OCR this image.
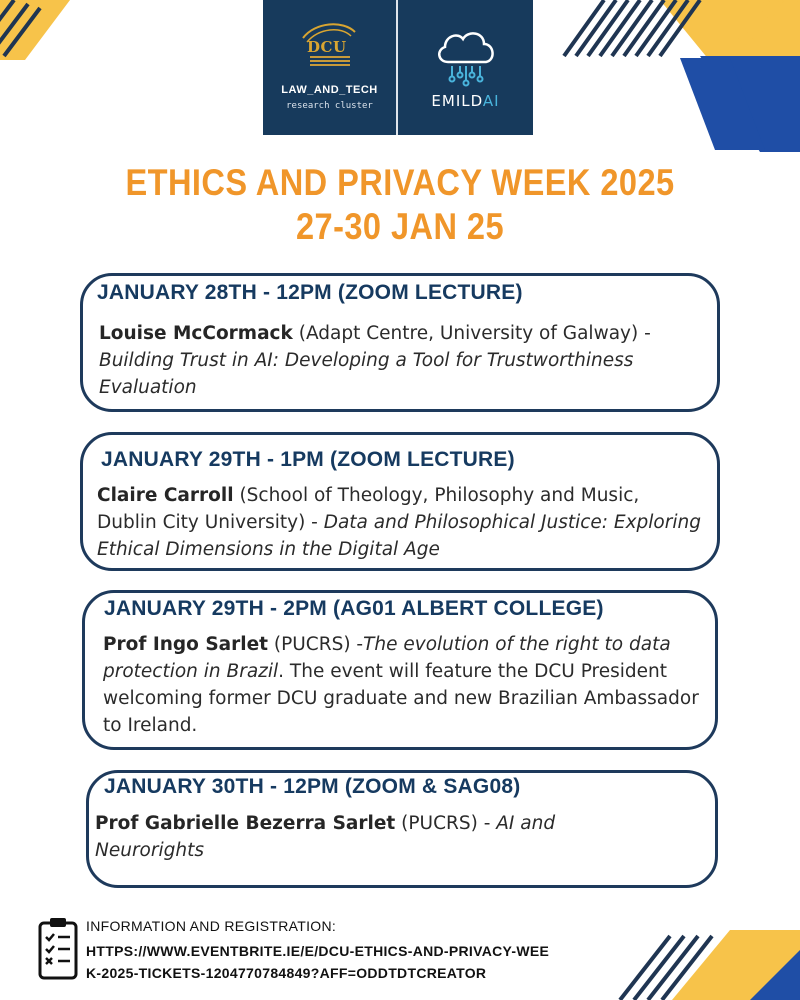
DCU
LAW_AND_TECH
research cluster	EMILDAI
ETHICS AND PRIVACY WEEK 2025
27-30 JAN 25
JANUARY 28TH - 12PM (ZOOM LECTURE)
Louise McCormack (Adapt Centre, University of Galway) - Building Trust in AI: Developing a Tool for Trustworthiness Evaluation
JANUARY 29TH - 1PM (ZOOM LECTURE)
Claire Carroll (School of Theology, Philosophy and Music, Dublin City University) - Data and Philosophical Justice: Exploring Ethical Dimensions in the Digital Age
JANUARY 29TH - 2PM (AG01 ALBERT COLLEGE)
Prof Ingo Sarlet (PUCRS) -The evolution of the right to data protection in Brazil. The event will feature the DCU President welcoming former DCU graduate and new Brazilian Ambassador to Ireland.
JANUARY 30TH - 12PM (ZOOM & SAG08)
Prof Gabrielle Bezerra Sarlet (PUCRS) - AI and Neurorights
INFORMATION AND REGISTRATION:
HTTPS://WWW.EVENTBRITE.IE/E/DCU-ETHICS-AND-PRIVACY-WEEK-2025-TICKETS-1204770784849?AFF=ODDTDTCREATOR
